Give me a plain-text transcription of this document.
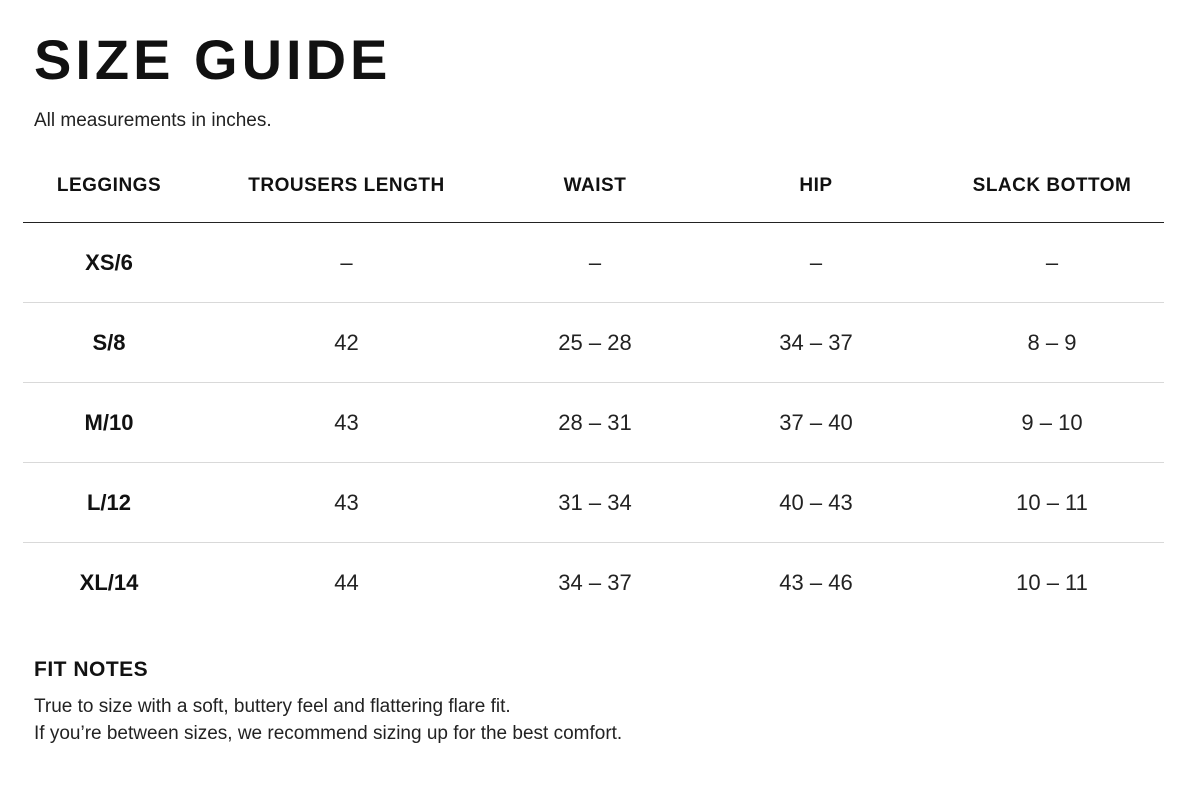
SIZE GUIDE

All measurements in inches.

LEGGINGS	TROUSERS LENGTH	WAIST	HIP	SLACK BOTTOM
XS/6	–	–	–	–
S/8	42	25 – 28	34 – 37	8 – 9
M/10	43	28 – 31	37 – 40	9 – 10
L/12	43	31 – 34	40 – 43	10 – 11
XL/14	44	34 – 37	43 – 46	10 – 11
FIT NOTES

True to size with a soft, buttery feel and flattering flare fit.

If you’re between sizes, we recommend sizing up for the best comfort.
